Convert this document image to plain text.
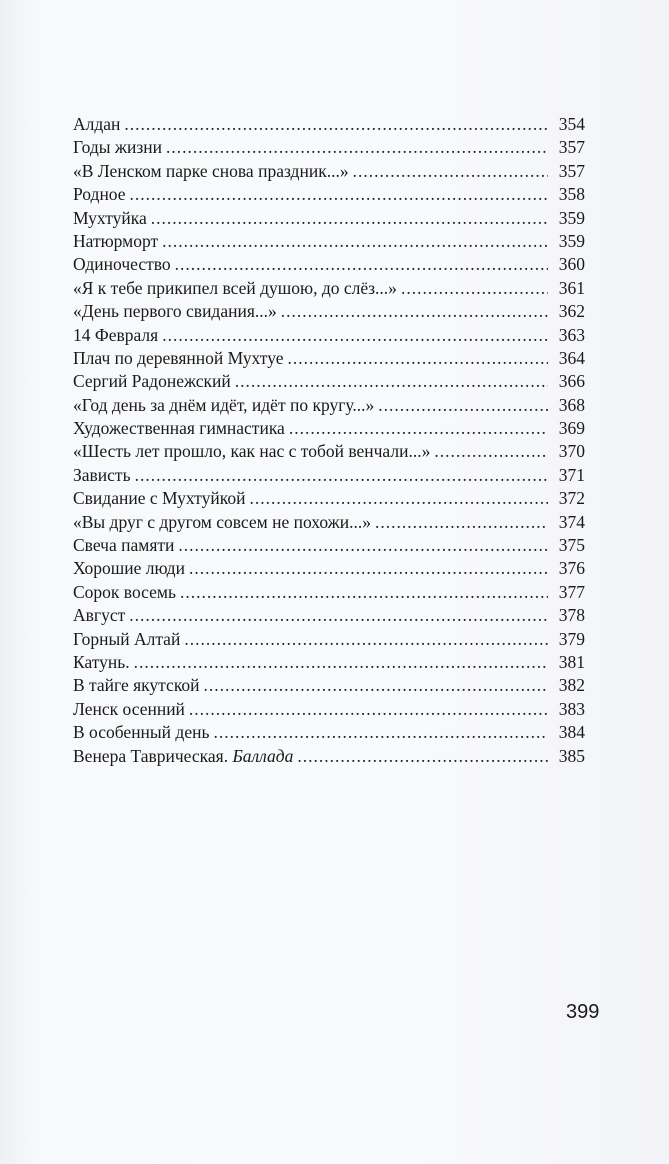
Алдан .....	354
Годы жизни .....	357
«В Ленском парке снова праздник...» .....	357
Родное .....	358
Мухтуйка .....	359
Натюрморт .....	359
Одиночество .....	360
«Я к тебе прикипел всей душою, до слёз...» .....	361
«День первого свидания...» .....	362
14 Февраля .....	363
Плач по деревянной Мухтуе .....	364
Сергий Радонежский .....	366
«Год день за днём идёт, идёт по кругу...» .....	368
Художественная гимнастика .....	369
«Шесть лет прошло, как нас с тобой венчали...» .....	370
Зависть .....	371
Свидание с Мухтуйкой .....	372
«Вы друг с другом совсем не похожи...» .....	374
Свеча памяти .....	375
Хорошие люди .....	376
Сорок восемь .....	377
Август .....	378
Горный Алтай .....	379
Катунь. .....	381
В тайге якутской .....	382
Ленск осенний .....	383
В особенный день .....	384
Венера Таврическая. Баллада .....	385
399
